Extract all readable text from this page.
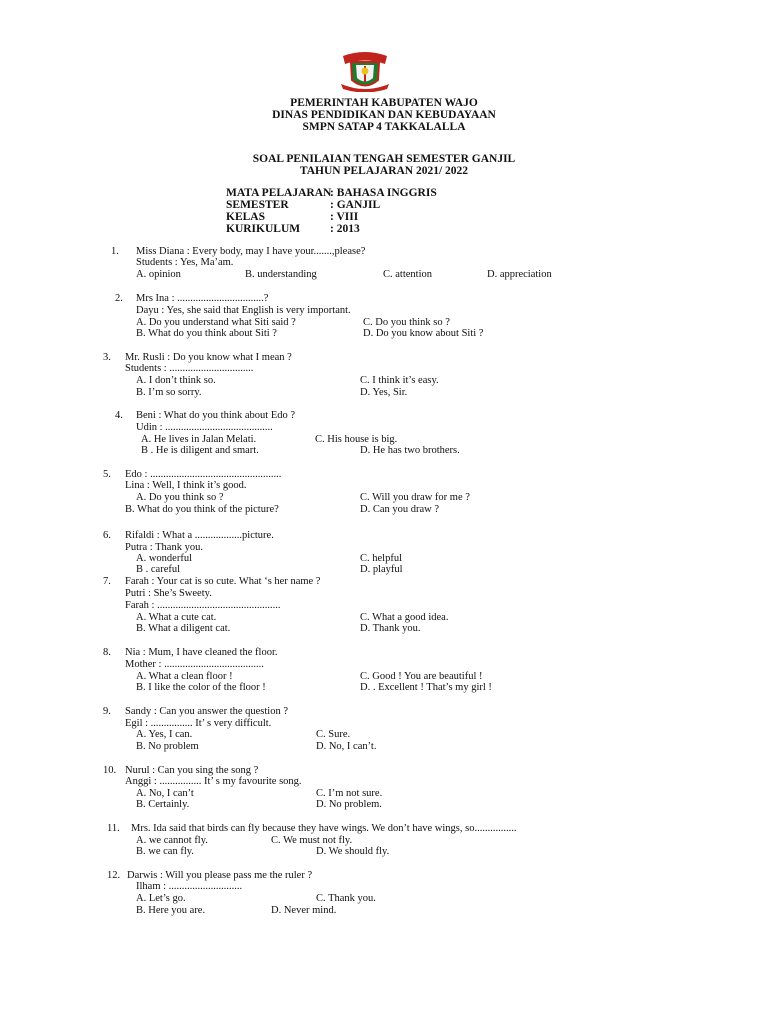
PEMERINTAH KABUPATEN WAJO
DINAS PENDIDIKAN DAN KEBUDAYAAN
SMPN SATAP 4 TAKKALALLA
SOAL PENILAIAN TENGAH SEMESTER GANJIL
TAHUN PELAJARAN 2021/ 2022
MATA PELAJARAN
: BAHASA INGGRIS
SEMESTER	: GANJIL
KELAS	: VIII
KURIKULUM	: 2013
1. Miss Diana : Every body, may I have your.......,please?
Students : Yes, Ma’am.
A. opinion	B. understanding	C. attention	D. appreciation
2. Mrs Ina : .................................?
Dayu : Yes, she said that English is very important.
A. Do you understand what Siti said ?	C. Do you think so ?
B. What do you think about Siti ?	D. Do you know about Siti ?
3. Mr. Rusli : Do you know what I mean ?
Students : ................................
A. I don’t think so.	C. I think it’s easy.
B. I’m so sorry.	D. Yes, Sir.
4. Beni : What do you think about Edo ?
Udin : .........................................
A. He lives in Jalan Melati.	C. His house is big.
B . He is diligent and smart.	D. He has two brothers.
5. Edo : ..................................................
Lina : Well, I think it’s good.
A. Do you think so ?	C. Will you draw for me ?
B. What do you think of the picture?	D. Can you draw ?
6. Rifaldi : What a ..................picture.
Putra : Thank you.
A. wonderful	C. helpful
B . careful	D. playful
7. Farah : Your cat is so cute. What ‘s her name ?
Putri : She’s Sweety.
Farah : ...............................................
A. What a cute cat.	C. What a good idea.
B. What a diligent cat.	D. Thank you.
8. Nia : Mum, I have cleaned the floor.
Mother : ......................................
A. What a clean floor !	C. Good ! You are beautiful !
B. I like the color of the floor !	D. . Excellent ! That’s my girl !
9. Sandy : Can you answer the question ?
Egil : ................ It’ s very difficult.
A. Yes, I can.	C. Sure.
B. No problem	D. No, I can’t.
10. Nurul : Can you sing the song ?
Anggi : ................ It’ s my favourite song.
A. No, I can’t	C. I’m not sure.
B. Certainly.	D. No problem.
11. Mrs. Ida said that birds can fly because they have wings. We don’t have wings, so................
A. we cannot fly.	C. We must not fly.
B. we can fly.	D. We should fly.
12. Darwis : Will you please pass me the ruler ?
Ilham : ............................
A. Let’s go.	C. Thank you.
B. Here you are.	D. Never mind.
